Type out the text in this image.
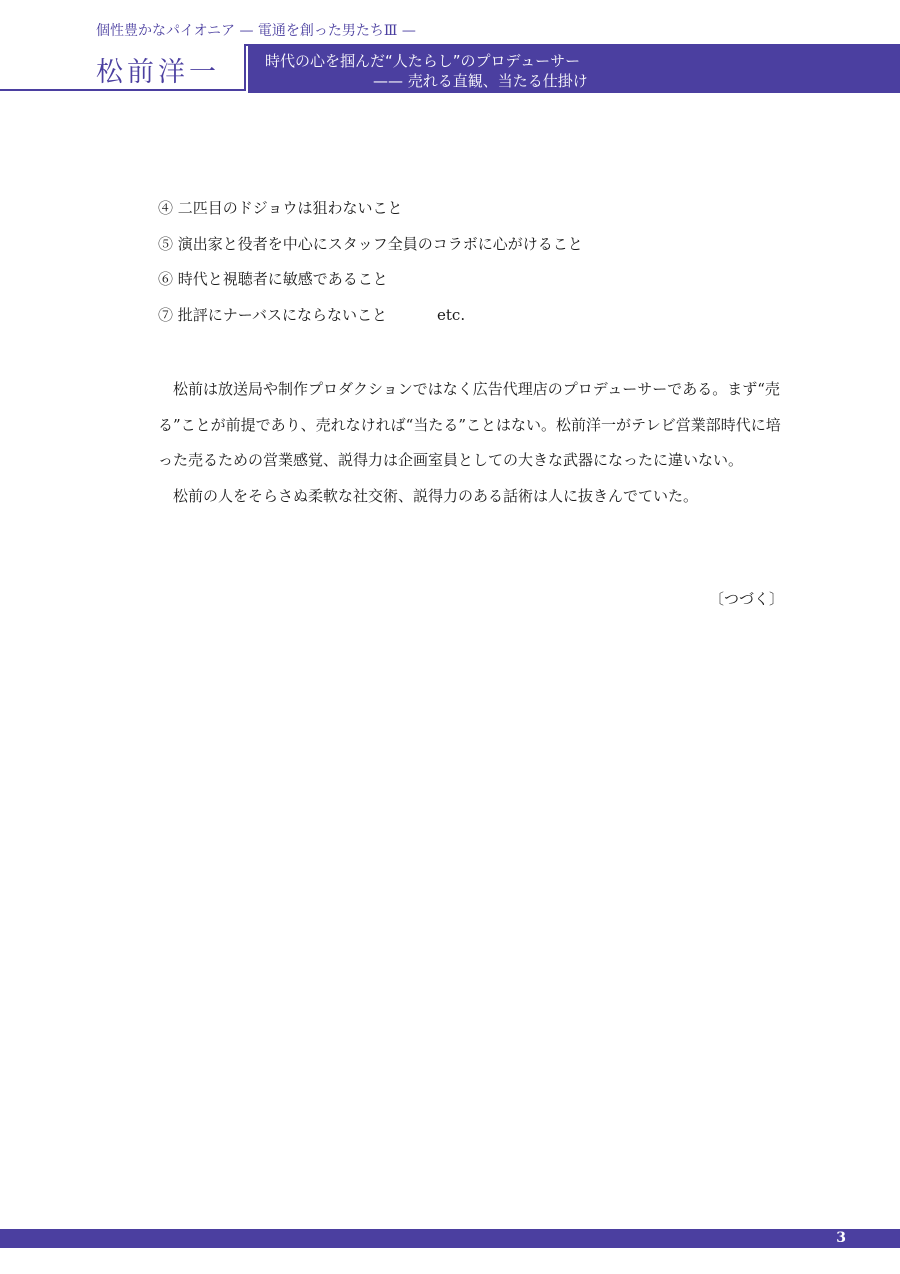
個性豊かなパイオニア — 電通を創った男たちⅢ —
松前洋一	時代の心を掴んだ“人たらし”のプロデューサー
—— 売れる直観、当たる仕掛け
④ 二匹目のドジョウは狙わないこと
⑤ 演出家と役者を中心にスタッフ全員のコラボに心がけること
⑥ 時代と視聴者に敏感であること
⑦ 批評にナーバスにならないこと	etc.

松前は放送局や制作プロダクションではなく広告代理店のプロデューサーである。まず“売る”ことが前提であり、売れなければ“当たる”ことはない。松前洋一がテレビ営業部時代に培った売るための営業感覚、説得力は企画室員としての大きな武器になったに違いない。

松前の人をそらさぬ柔軟な社交術、説得力のある話術は人に抜きんでていた。

〔つづく〕
3
